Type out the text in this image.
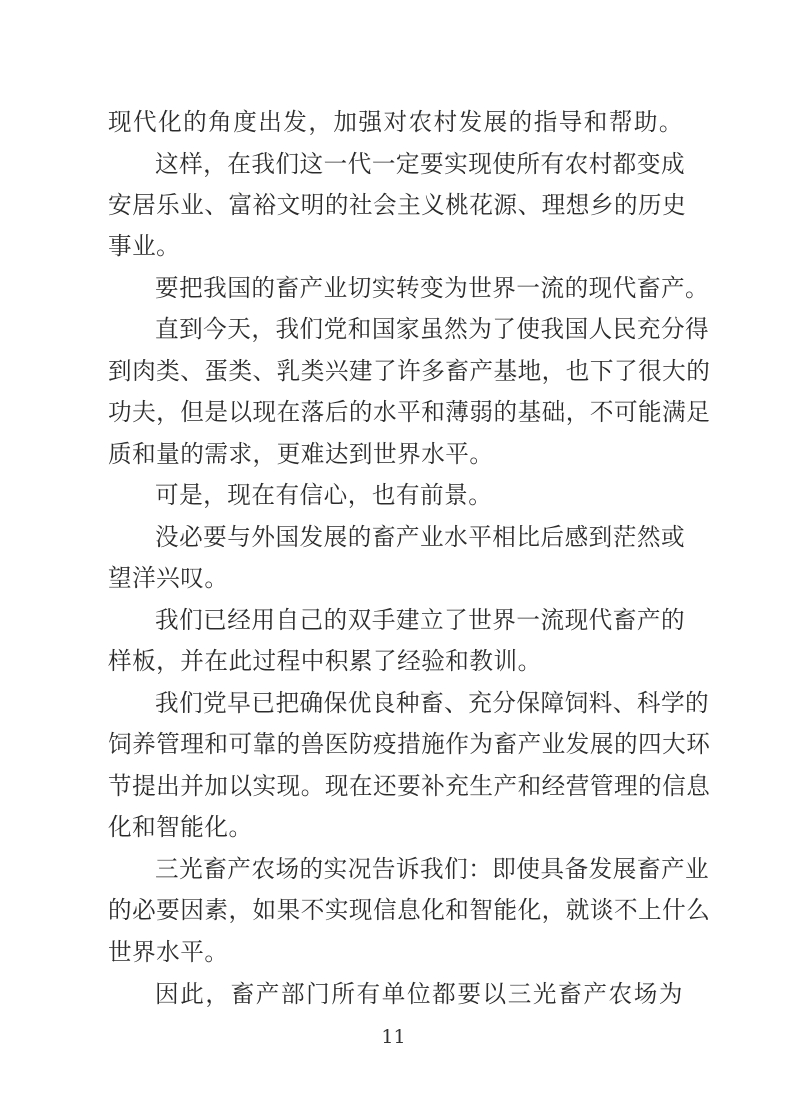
现代化的角度出发，加强对农村发展的指导和帮助。
这样，在我们这一代一定要实现使所有农村都变成
安居乐业、富裕文明的社会主义桃花源、理想乡的历史
事业。
要把我国的畜产业切实转变为世界一流的现代畜产。
直到今天，我们党和国家虽然为了使我国人民充分得
到肉类、蛋类、乳类兴建了许多畜产基地，也下了很大的
功夫，但是以现在落后的水平和薄弱的基础，不可能满足
质和量的需求，更难达到世界水平。
可是，现在有信心，也有前景。
没必要与外国发展的畜产业水平相比后感到茫然或
望洋兴叹。
我们已经用自己的双手建立了世界一流现代畜产的
样板，并在此过程中积累了经验和教训。
我们党早已把确保优良种畜、充分保障饲料、科学的
饲养管理和可靠的兽医防疫措施作为畜产业发展的四大环
节提出并加以实现。现在还要补充生产和经营管理的信息
化和智能化。
三光畜产农场的实况告诉我们：即使具备发展畜产业
的必要因素，如果不实现信息化和智能化，就谈不上什么
世界水平。
因此，畜产部门所有单位都要以三光畜产农场为
11
